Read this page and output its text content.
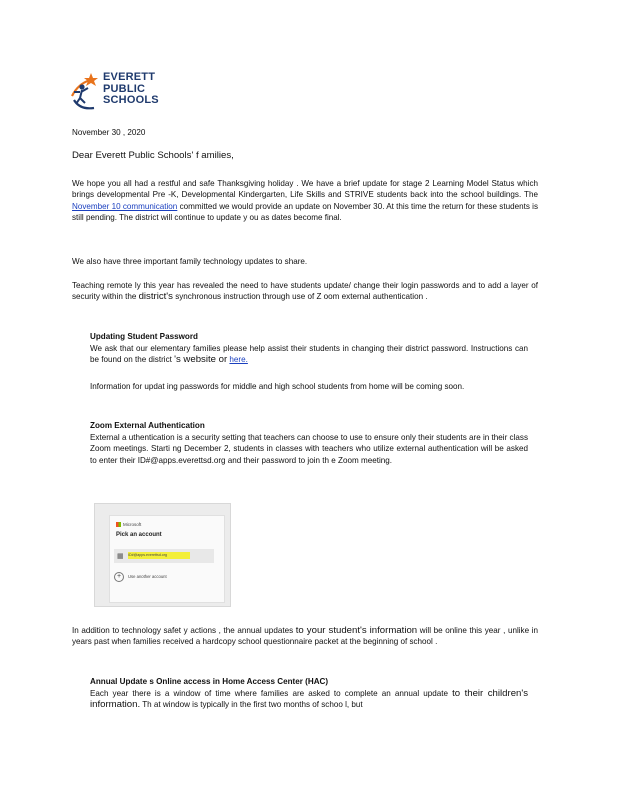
EVERETT
PUBLIC
SCHOOLS

November 30 , 2020

Dear Everett Public Schools' f amilies,

We hope you all had a restful and safe Thanksgiving holiday . We have a brief update for stage 2 Learning Model Status which brings developmental Pre -K, Developmental Kindergarten, Life Skills and STRIVE students back into the school buildings. The November 10 communication committed we would provide an update on November 30. At this time the return for these students is still pending. The district will continue to update y ou as dates become final.

We also have three important family technology updates to share.

Teaching remote ly this year has revealed the need to have students update/ change their login passwords and to add a layer of security within the district's synchronous instruction through use of Z oom external authentication .

Updating Student Password

We ask that our elementary families please help assist their students in changing their district password. Instructions can be found on the district 's website or here.

Information for updat ing passwords for middle and high school students from home will be coming soon.

Zoom External Authentication

External a uthentication is a security setting that teachers can choose to use to ensure only their students are in their class Zoom meetings. Starti ng December 2, students in classes with teachers who utilize external authentication will be asked to enter their ID#@apps.everettsd.org and their password to join th e Zoom meeting.

Microsoft
Pick an account
▦ ID#@apps.everettsd.org
+ Use another account

In addition to technology safet y actions , the annual updates to your student's information will be online this year , unlike in years past when families received a hardcopy school questionnaire packet at the beginning of school .

Annual Update s Online access in Home Access Center (HAC)

Each year there is a window of time where families are asked to complete an annual update to their children's information. Th at window is typically in the first two months of schoo l, but
